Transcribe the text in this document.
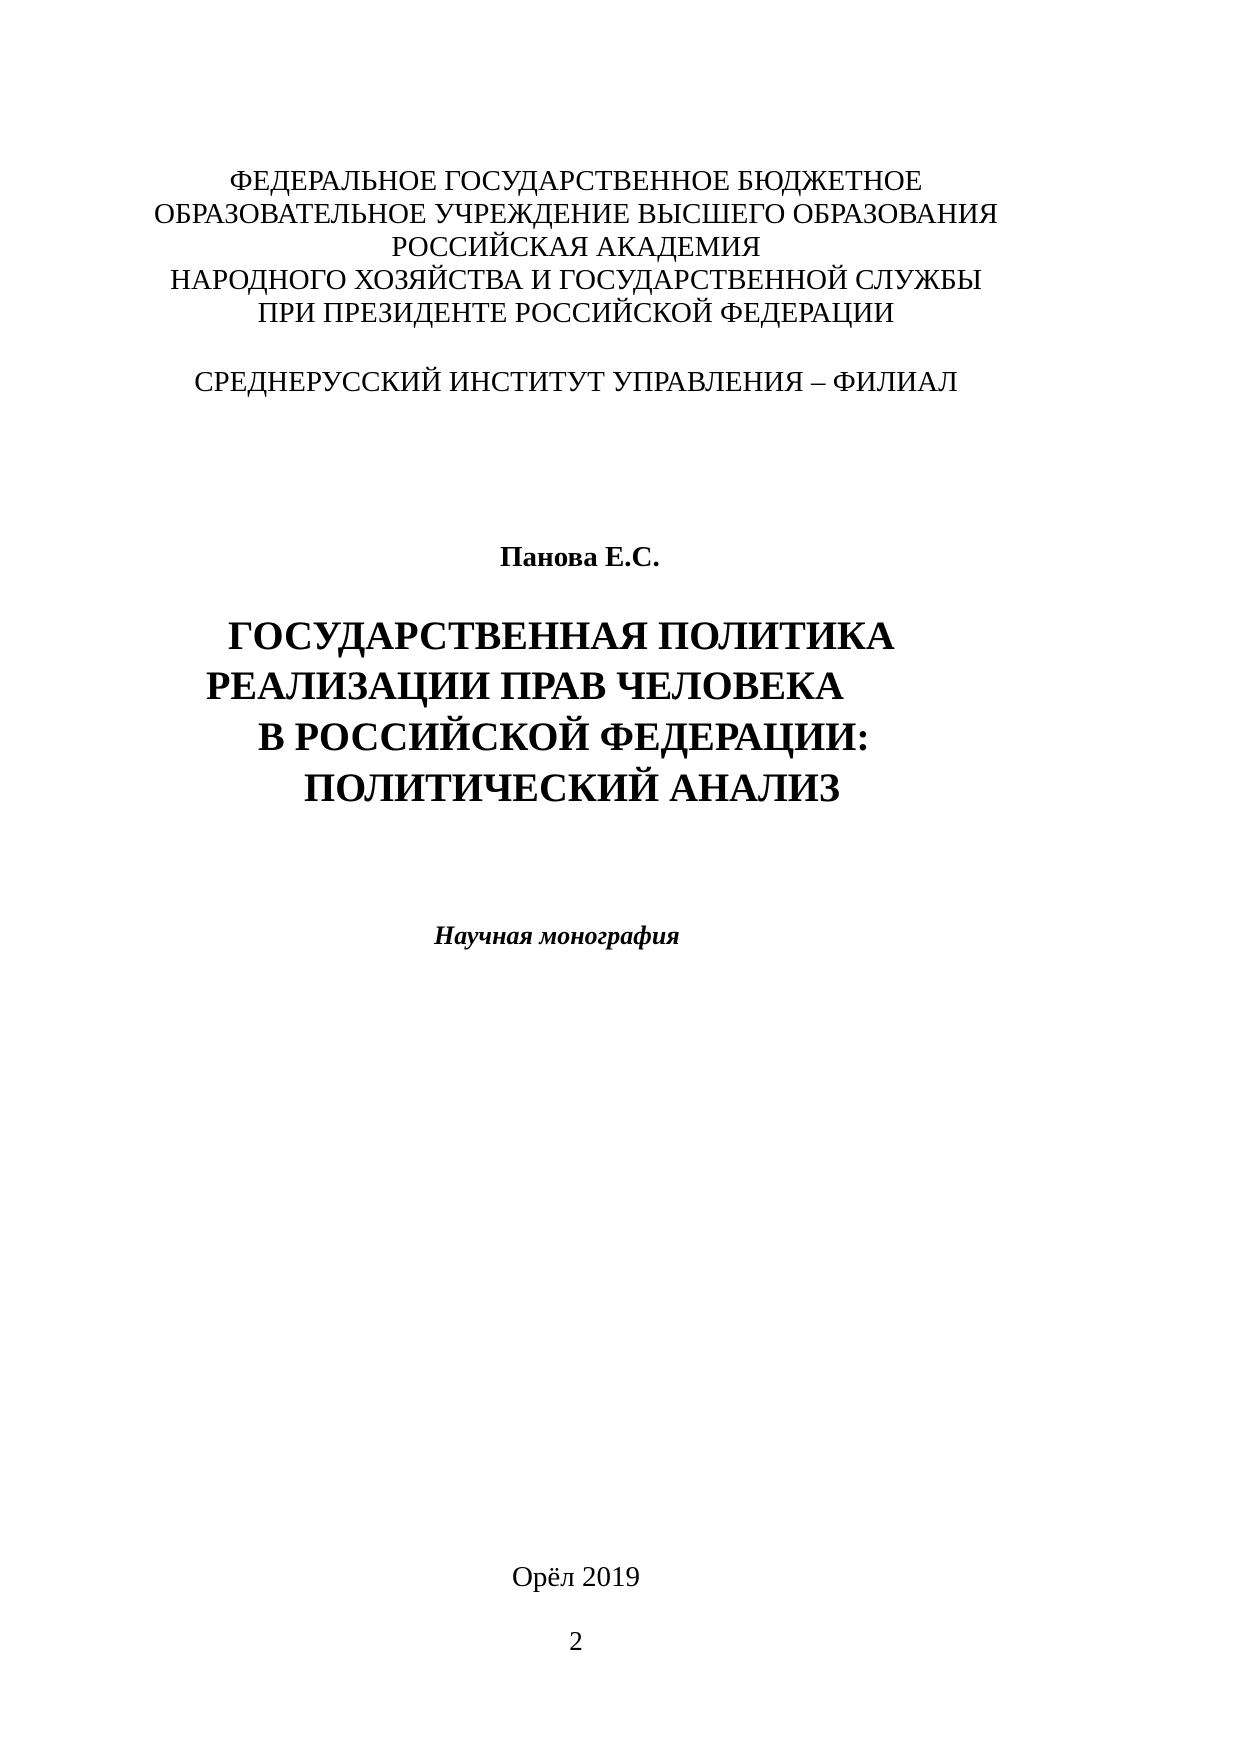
ФЕДЕРАЛЬНОЕ ГОСУДАРСТВЕННОЕ БЮДЖЕТНОЕ
ОБРАЗОВАТЕЛЬНОЕ УЧРЕЖДЕНИЕ ВЫСШЕГО ОБРАЗОВАНИЯ
РОССИЙСКАЯ АКАДЕМИЯ
НАРОДНОГО ХОЗЯЙСТВА И ГОСУДАРСТВЕННОЙ СЛУЖБЫ
ПРИ ПРЕЗИДЕНТЕ РОССИЙСКОЙ ФЕДЕРАЦИИ
СРЕДНЕРУССКИЙ ИНСТИТУТ УПРАВЛЕНИЯ – ФИЛИАЛ
Панова Е.С.
ГОСУДАРСТВЕННАЯ ПОЛИТИКА
РЕАЛИЗАЦИИ ПРАВ ЧЕЛОВЕКА
В РОССИЙСКОЙ ФЕДЕРАЦИИ:
ПОЛИТИЧЕСКИЙ АНАЛИЗ
Научная монография
Орёл 2019
2
